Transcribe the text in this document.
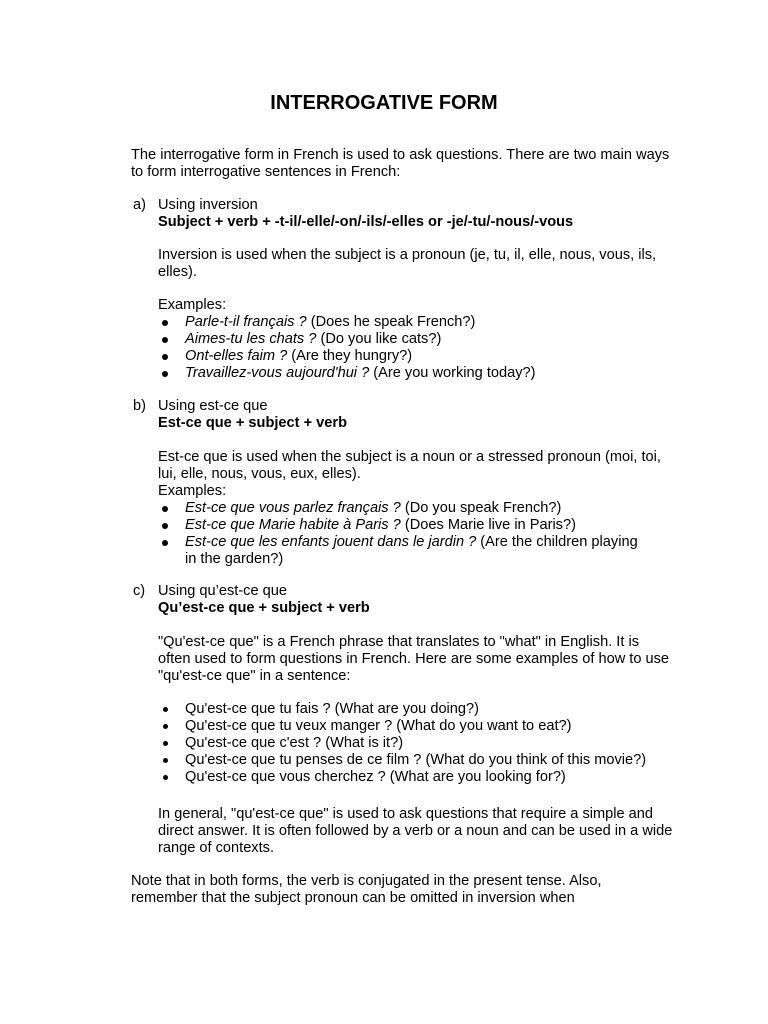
INTERROGATIVE FORM
The interrogative form in French is used to ask questions. There are two main ways to form interrogative sentences in French:
a) Using inversion
Subject + verb + -t-il/-elle/-on/-ils/-elles or -je/-tu/-nous/-vous
Inversion is used when the subject is a pronoun (je, tu, il, elle, nous, vous, ils, elles).
Examples:
Parle-t-il français ? (Does he speak French?)
Aimes-tu les chats ? (Do you like cats?)
Ont-elles faim ? (Are they hungry?)
Travaillez-vous aujourd'hui ? (Are you working today?)
b) Using est-ce que
Est-ce que + subject + verb
Est-ce que is used when the subject is a noun or a stressed pronoun (moi, toi, lui, elle, nous, vous, eux, elles).
Examples:
Est-ce que vous parlez français ? (Do you speak French?)
Est-ce que Marie habite à Paris ? (Does Marie live in Paris?)
Est-ce que les enfants jouent dans le jardin ? (Are the children playing in the garden?)
c) Using qu’est-ce que
Qu’est-ce que + subject + verb
"Qu'est-ce que" is a French phrase that translates to "what" in English. It is often used to form questions in French. Here are some examples of how to use "qu'est-ce que" in a sentence:
Qu'est-ce que tu fais ? (What are you doing?)
Qu'est-ce que tu veux manger ? (What do you want to eat?)
Qu'est-ce que c'est ? (What is it?)
Qu'est-ce que tu penses de ce film ? (What do you think of this movie?)
Qu'est-ce que vous cherchez ? (What are you looking for?)
In general, "qu'est-ce que" is used to ask questions that require a simple and direct answer. It is often followed by a verb or a noun and can be used in a wide range of contexts.
Note that in both forms, the verb is conjugated in the present tense. Also, remember that the subject pronoun can be omitted in inversion when
